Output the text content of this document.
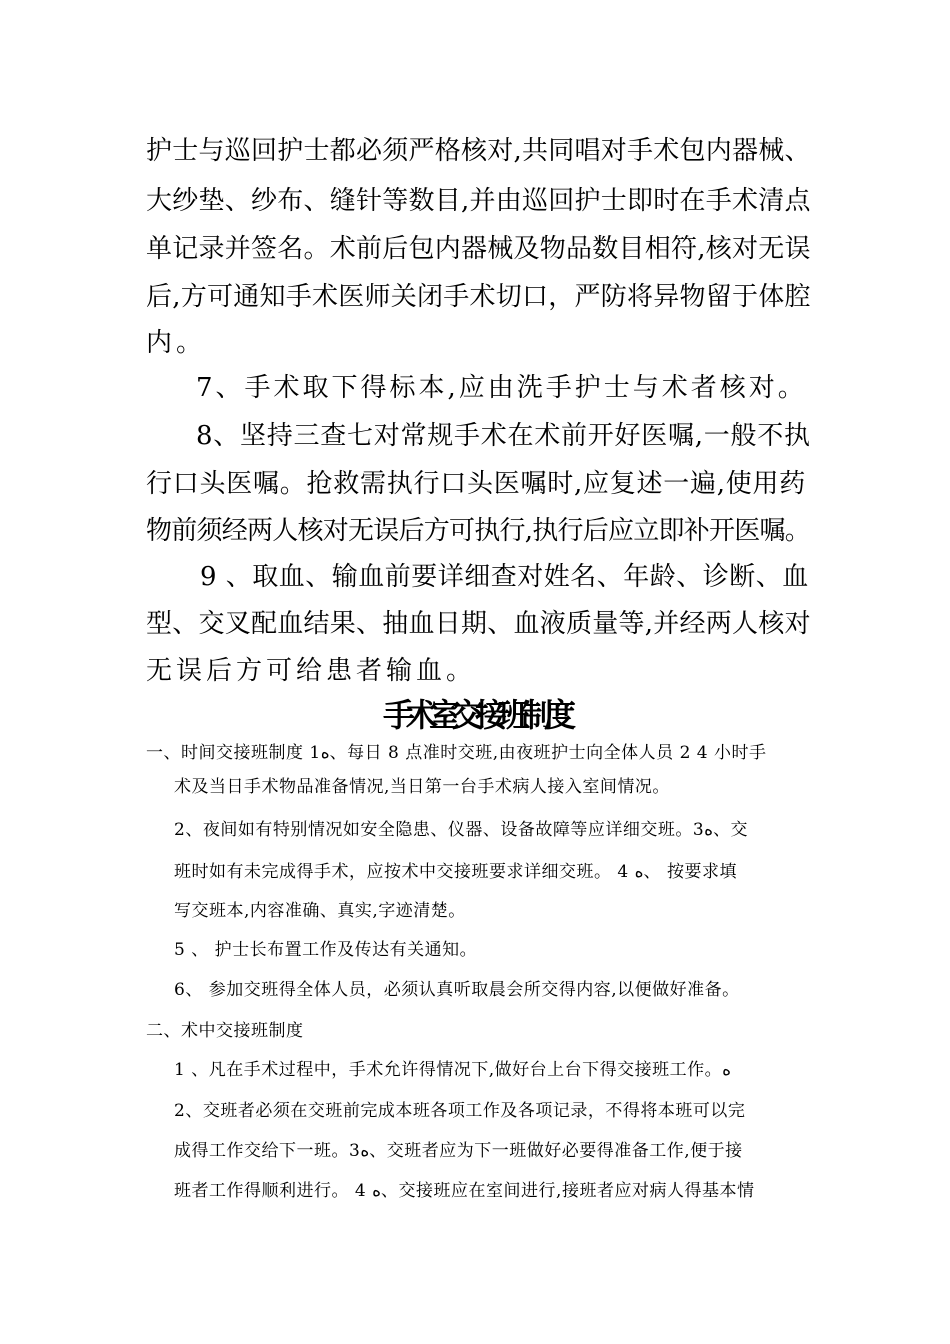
护士与巡回护士都必须严格核对,共同唱对手术包内器械、

大纱垫、纱布、缝针等数目,并由巡回护士即时在手术清点

单记录并签名。术前后包内器械及物品数目相符,核对无误

后,方可通知手术医师关闭手术切口，严防将异物留于体腔

内。

7、手术取下得标本,应由洗手护士与术者核对。

8、坚持三查七对常规手术在术前开好医嘱,一般不执

行口头医嘱。抢救需执行口头医嘱时,应复述一遍,使用药

物前须经两人核对无误后方可执行,执行后应立即补开医嘱。

9 、取血、输血前要详细查对姓名、年龄、诊断、血

型、交叉配血结果、抽血日期、血液质量等,并经两人核对

无误后方可给患者输血。

手术室交接班制度

一、时间交接班制度 1ﻩ、每日 8 点准时交班,由夜班护士向全体人员 2 4 小时手

术及当日手术物品准备情况,当日第一台手术病人接入室间情况。

2、夜间如有特别情况如安全隐患、仪器、设备故障等应详细交班。3ﻩ、交

班时如有未完成得手术，应按术中交接班要求详细交班。 4 ﻩ、 按要求填

写交班本,内容准确、真实,字迹清楚。

5 、 护士长布置工作及传达有关通知。

6、 参加交班得全体人员，必须认真听取晨会所交得内容,以便做好准备。

二、术中交接班制度

1 、凡在手术过程中，手术允许得情况下,做好台上台下得交接班工作。ﻩ

2、交班者必须在交班前完成本班各项工作及各项记录，不得将本班可以完

成得工作交给下一班。3ﻩ、交班者应为下一班做好必要得准备工作,便于接

班者工作得顺利进行。 4 ﻩ、交接班应在室间进行,接班者应对病人得基本情
